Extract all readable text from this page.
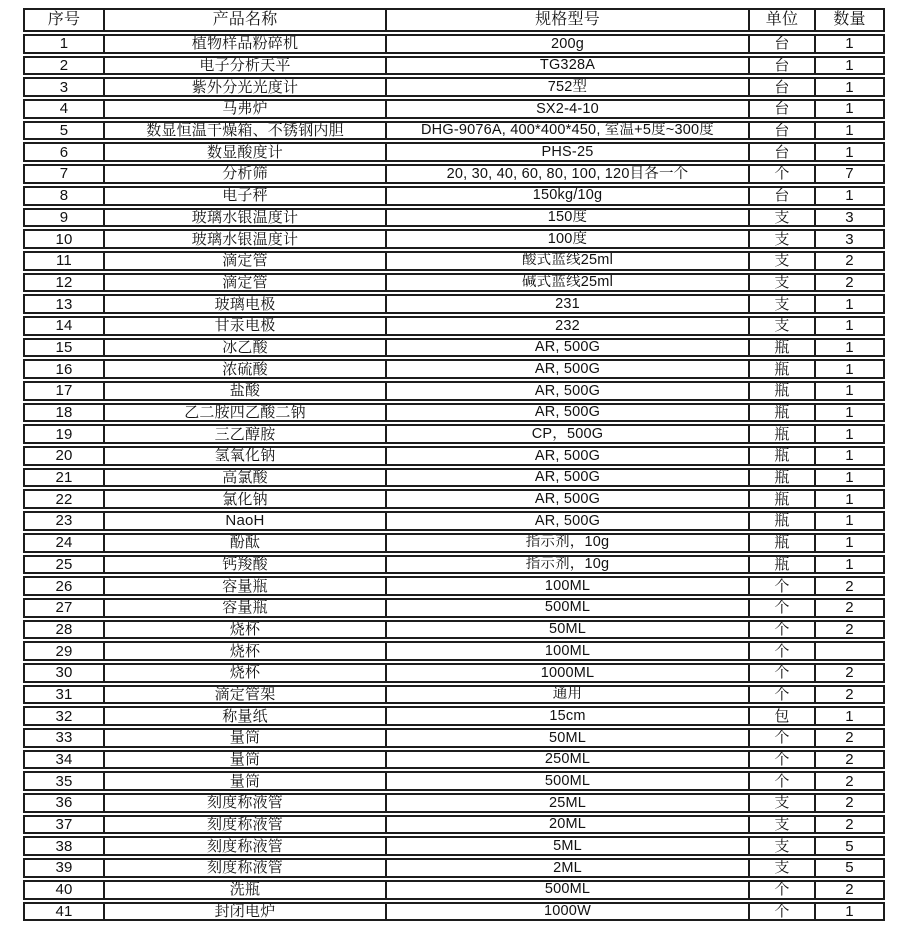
序号	产品名称	规格型号	单位	数量
1	植物样品粉碎机	200g	台	1
2	电子分析天平	TG328A	台	1
3	紫外分光光度计	752型	台	1
4	马弗炉	SX2-4-10	台	1
5	数显恒温干燥箱、不锈钢内胆	DHG-9076A, 400*400*450, 室温+5度~300度	台	1
6	数显酸度计	PHS-25	台	1
7	分析筛	20, 30, 40, 60, 80, 100, 120目各一个	个	7
8	电子秤	150kg/10g	台	1
9	玻璃水银温度计	150度	支	3
10	玻璃水银温度计	100度	支	3
11	滴定管	酸式蓝线25ml	支	2
12	滴定管	碱式蓝线25ml	支	2
13	玻璃电极	231	支	1
14	甘汞电极	232	支	1
15	冰乙酸	AR, 500G	瓶	1
16	浓硫酸	AR, 500G	瓶	1
17	盐酸	AR, 500G	瓶	1
18	乙二胺四乙酸二钠	AR, 500G	瓶	1
19	三乙醇胺	CP，500G	瓶	1
20	氢氧化钠	AR, 500G	瓶	1
21	高氯酸	AR, 500G	瓶	1
22	氯化钠	AR, 500G	瓶	1
23	NaoH	AR, 500G	瓶	1
24	酚酞	指示剂，10g	瓶	1
25	钙羧酸	指示剂，10g	瓶	1
26	容量瓶	100ML	个	2
27	容量瓶	500ML	个	2
28	烧杯	50ML	个	2
29	烧杯	100ML	个
30	烧杯	1000ML	个	2
31	滴定管架	通用	个	2
32	称量纸	15cm	包	1
33	量筒	50ML	个	2
34	量筒	250ML	个	2
35	量筒	500ML	个	2
36	刻度称液管	25ML	支	2
37	刻度称液管	20ML	支	2
38	刻度称液管	5ML	支	5
39	刻度称液管	2ML	支	5
40	洗瓶	500ML	个	2
41	封闭电炉	1000W	个	1
